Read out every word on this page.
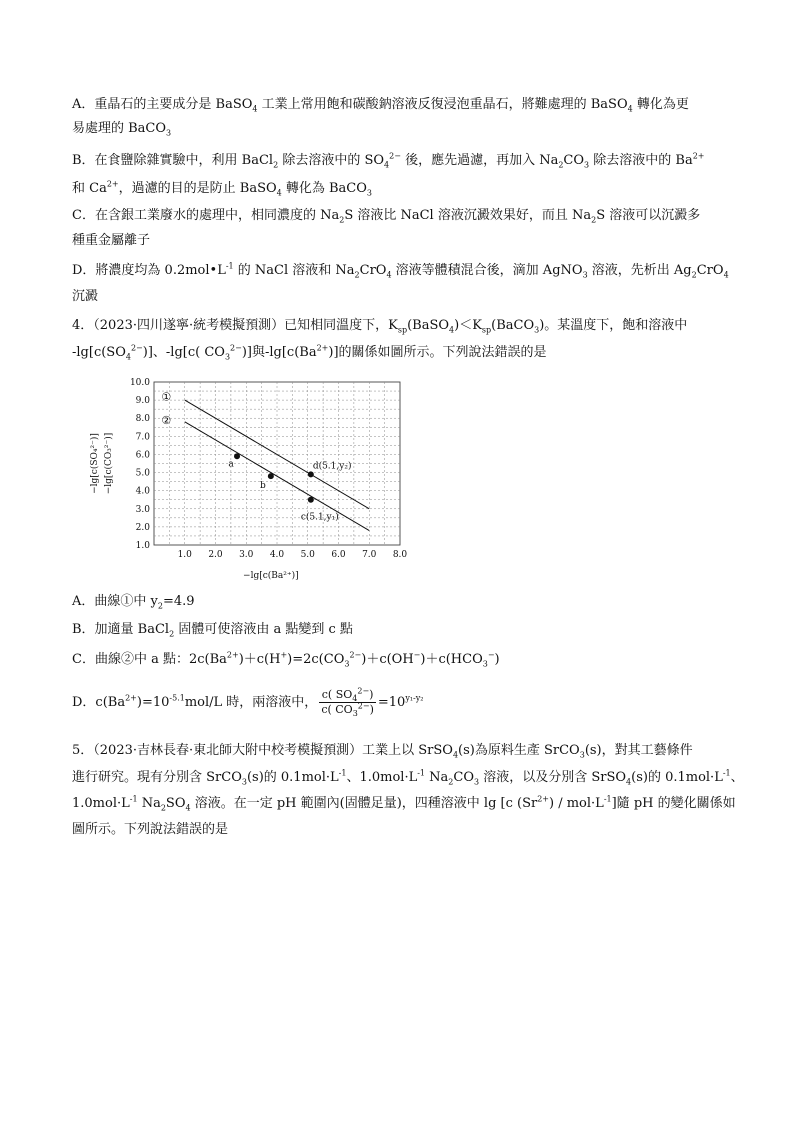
A．重晶石的主要成分是 BaSO$_4$ 工業上常用飽和碳酸鈉溶液反復浸泡重晶石，將難處理的 BaSO$_4$ 轉化為更
易處理的 BaCO$_3$
B．在食鹽除雜實驗中，利用 BaCl$_2$ 除去溶液中的 $SO_4^{2-}$ 後，應先過濾，再加入 $Na_2CO_3$ 除去溶液中的 $Ba^{2+}$
和 $Ca^{2+}$，過濾的目的是防止 BaSO$_4$ 轉化為 BaCO$_3$
C．在含銀工業廢水的處理中，相同濃度的 $Na_2S$ 溶液比 NaCl 溶液沉澱效果好，而且 $Na_2S$ 溶液可以沉澱多
種重金屬離子
D．將濃度均為 $0.2mol•L^{-1}$ 的 NaCl 溶液和 $Na_2CrO_4$ 溶液等體積混合後，滴加 AgNO$_3$ 溶液，先析出 $Ag_2CrO_4$
沉澱
4．（2023·四川遂寧·統考模擬預測）已知相同溫度下，$K_{sp}(BaSO_4)<K_{sp}(BaCO_3)$。某溫度下，飽和溶液中
$-\lg[c(SO_4^{2-})]$、-lg[c( $CO_3^{2-}$)]與$-\lg[c(Ba^{2+})]$的關係如圖所示。下列說法錯誤的是
1.0
2.0
3.0
4.0
5.0
6.0
7.0
8.0
9.0
10.0
1.0 2.0 3.0 4.0 5.0 6.0 7.0 8.0
−lg[c(Ba²⁺)]
−lg[c(SO₄²⁻)] −lg[c(CO₃²⁻)]
①
②
a
b
d(5.1,y₂)
c(5.1,y₁)
A．曲線①中 $y_2=4.9$
B．加適量 BaCl$_2$ 固體可使溶液由 a 點變到 c 點
C．曲線②中 a 點：$2c(Ba^{2+})+c(H^+)=2c(CO_3^{2-})+c(OH^-)+c(HCO_3^-)$
D．$c(Ba^{2+})=10^{-5.1}mol/L$ 時，兩溶液中， $\frac{c( SO_4^{2-})}{c( CO_3^{2-})} =10^{y_1-y_2}$
5．（2023·吉林長春·東北師大附中校考模擬預測）工業上以 SrSO$_4$(s)為原料生產 SrCO$_3$(s)，對其工藝條件
進行研究。現有分別含 SrCO$_3$(s)的 $0.1mol\cdot L^{-1}$、$1.0mol\cdot L^{-1}$ $Na_2CO_3$ 溶液，以及分別含 SrSO$_4$(s)的 $0.1mol\cdot L^{-1}$、
$1.0mol\cdot L^{-1}$ $Na_2SO_4$ 溶液。在一定 pH 範圍內(固體足量)，四種溶液中 lg [c $(Sr^{2+}) / mol\cdot L^{-1}$]隨 pH 的變化關係如
圖所示。下列說法錯誤的是
